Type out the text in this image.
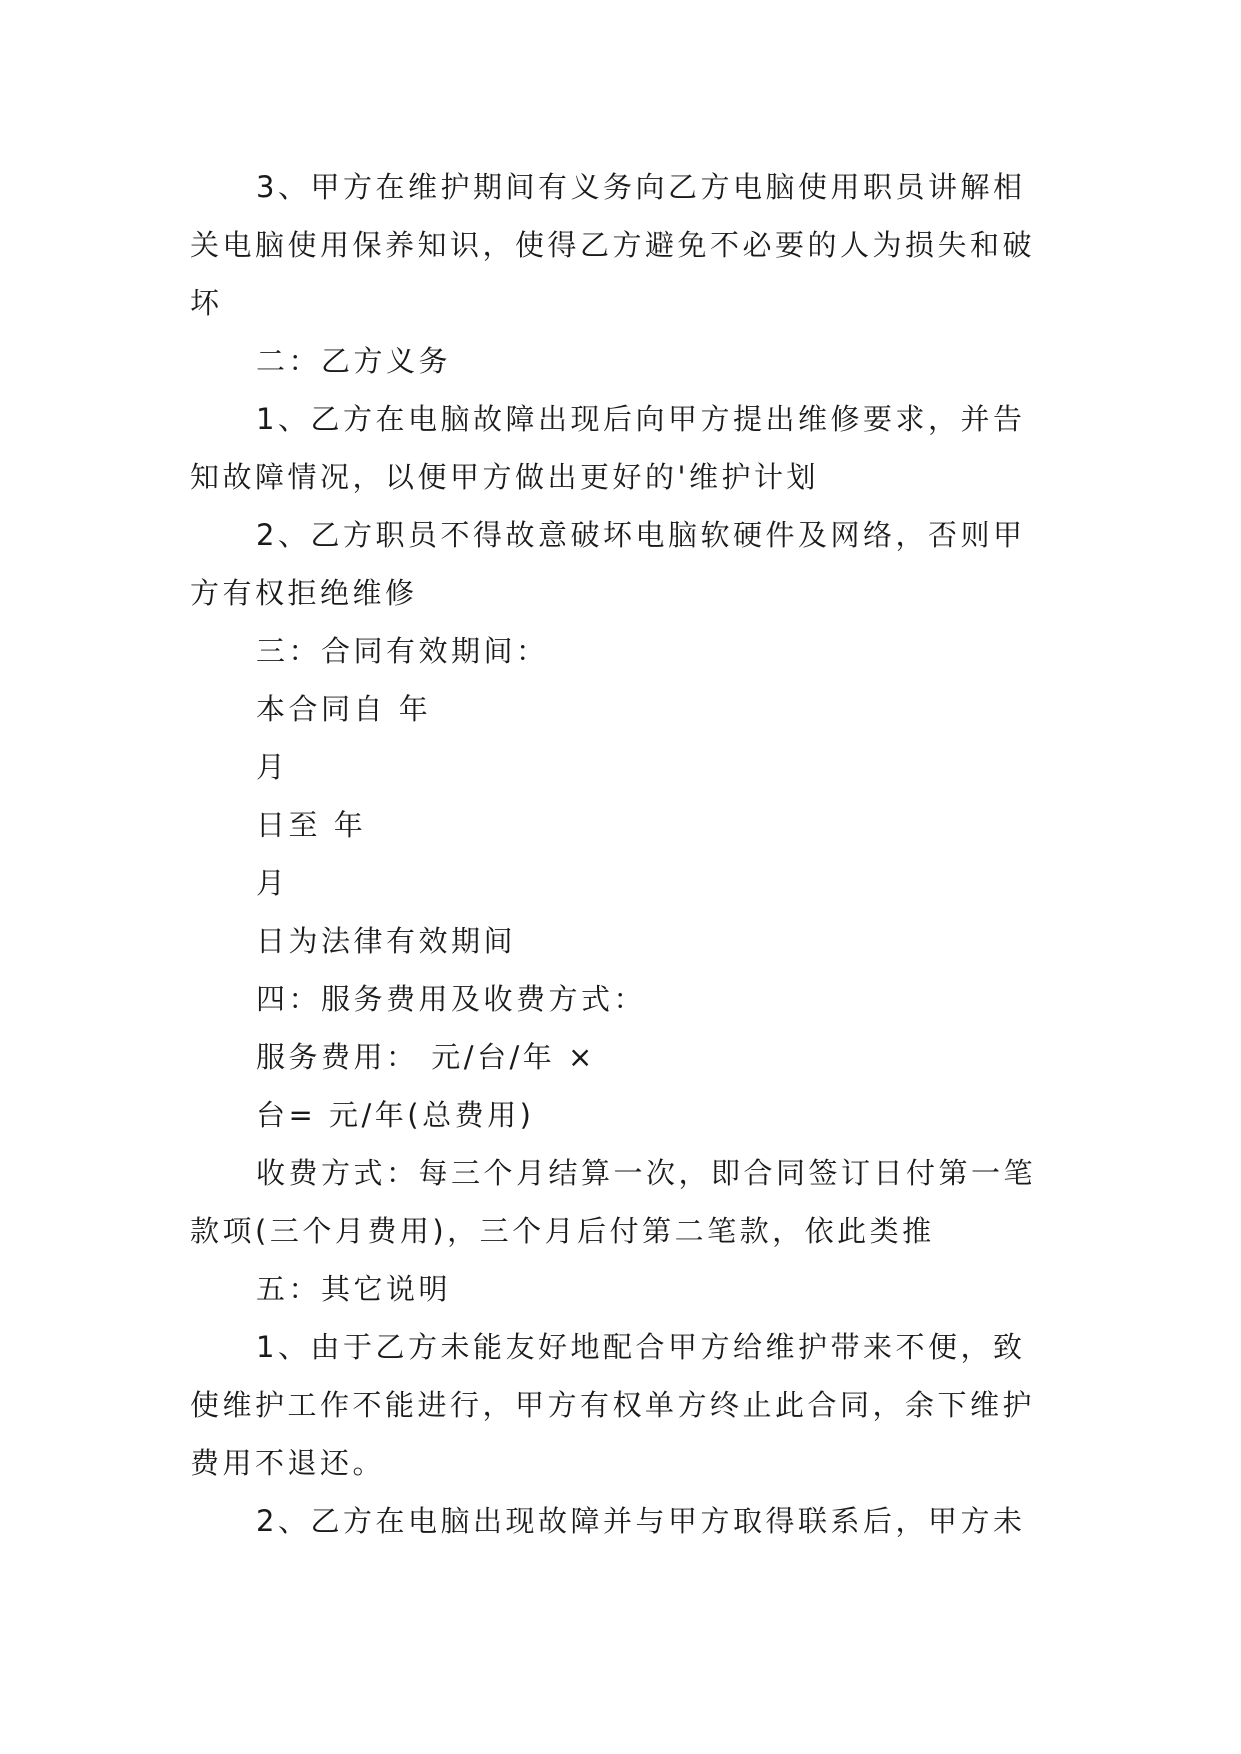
3、甲方在维护期间有义务向乙方电脑使用职员讲解相
关电脑使用保养知识，使得乙方避免不必要的人为损失和破
坏
二：乙方义务
1、乙方在电脑故障出现后向甲方提出维修要求，并告
知故障情况，以便甲方做出更好的'维护计划
2、乙方职员不得故意破坏电脑软硬件及网络，否则甲
方有权拒绝维修
三：合同有效期间：
本合同自 年
月
日至 年
月
日为法律有效期间
四：服务费用及收费方式：
服务费用： 元/台/年 ×
台= 元/年(总费用)
收费方式：每三个月结算一次，即合同签订日付第一笔
款项(三个月费用)，三个月后付第二笔款，依此类推
五：其它说明
1、由于乙方未能友好地配合甲方给维护带来不便，致
使维护工作不能进行，甲方有权单方终止此合同，余下维护
费用不退还。
2、乙方在电脑出现故障并与甲方取得联系后，甲方未
